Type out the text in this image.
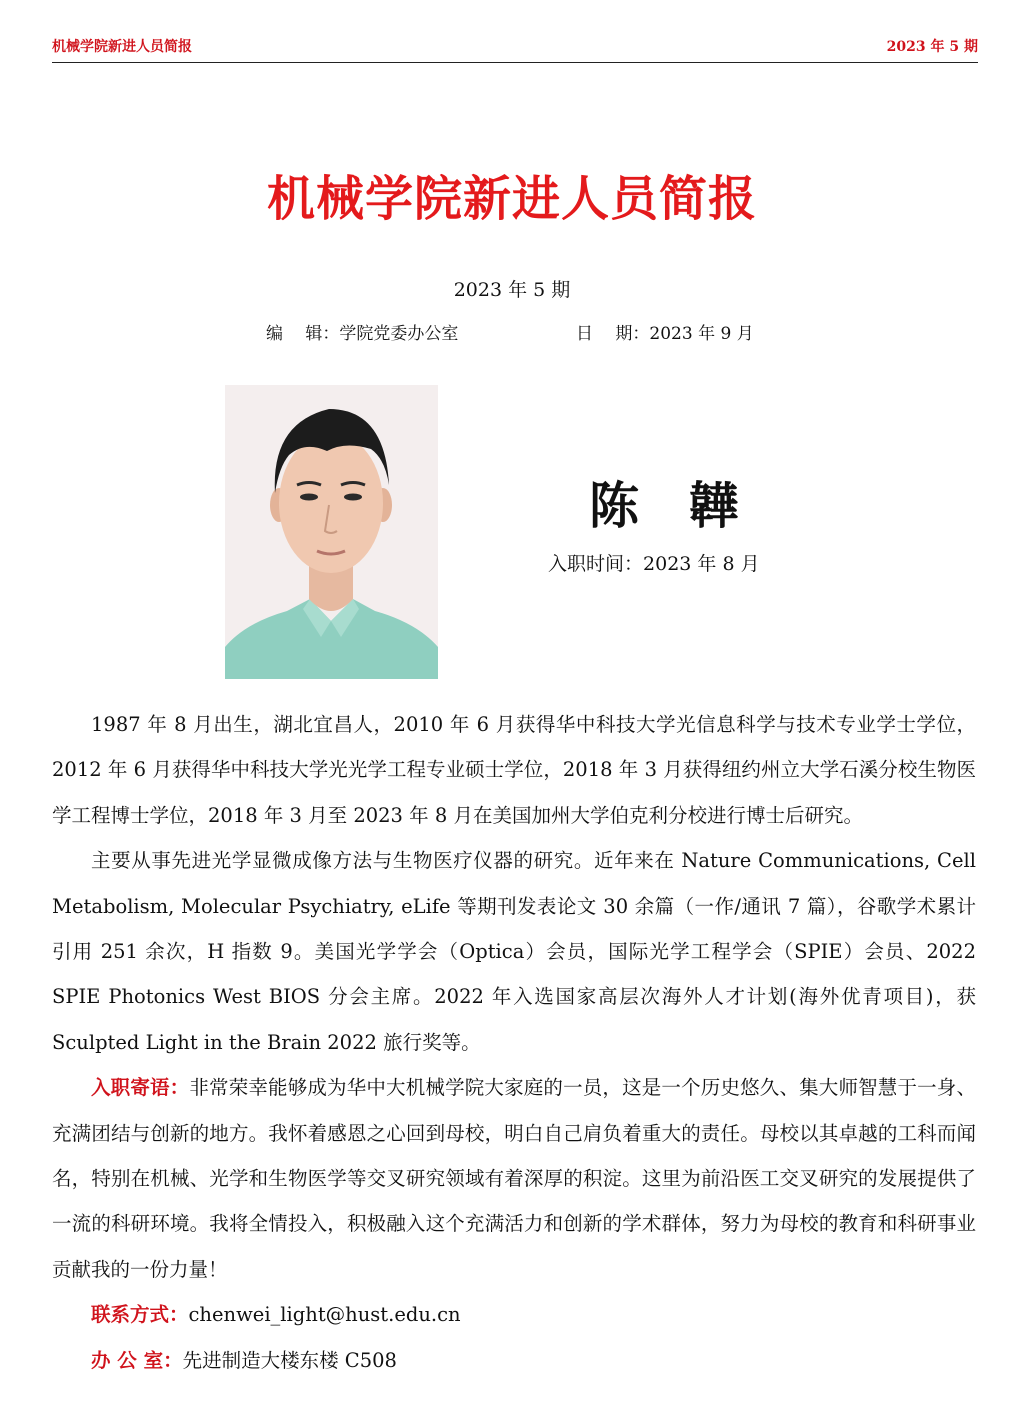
机械学院新进人员简报	2023 年 5 期
机械学院新进人员简报
2023 年 5 期
编　 辑：学院党委办公室	日　 期：2023 年 9 月
陈 韡
入职时间：2023 年 8 月

1987 年 8 月出生，湖北宜昌人，2010 年 6 月获得华中科技大学光信息科学与技术专业学士学位，2012 年 6 月获得华中科技大学光光学工程专业硕士学位，2018 年 3 月获得纽约州立大学石溪分校生物医学工程博士学位，2018 年 3 月至 2023 年 8 月在美国加州大学伯克利分校进行博士后研究。

主要从事先进光学显微成像方法与生物医疗仪器的研究。近年来在 Nature Communications, Cell Metabolism, Molecular Psychiatry, eLife 等期刊发表论文 30 余篇（一作/通讯 7 篇），谷歌学术累计引用 251 余次，H 指数 9。美国光学学会（Optica）会员，国际光学工程学会（SPIE）会员、2022 SPIE Photonics West BIOS 分会主席。2022 年入选国家高层次海外人才计划(海外优青项目)，获 Sculpted Light in the Brain 2022 旅行奖等。

入职寄语：非常荣幸能够成为华中大机械学院大家庭的一员，这是一个历史悠久、集大师智慧于一身、充满团结与创新的地方。我怀着感恩之心回到母校，明白自己肩负着重大的责任。母校以其卓越的工科而闻名，特别在机械、光学和生物医学等交叉研究领域有着深厚的积淀。这里为前沿医工交叉研究的发展提供了一流的科研环境。我将全情投入，积极融入这个充满活力和创新的学术群体，努力为母校的教育和科研事业贡献我的一份力量！

联系方式：chenwei_light@hust.edu.cn
办 公 室：先进制造大楼东楼 C508
